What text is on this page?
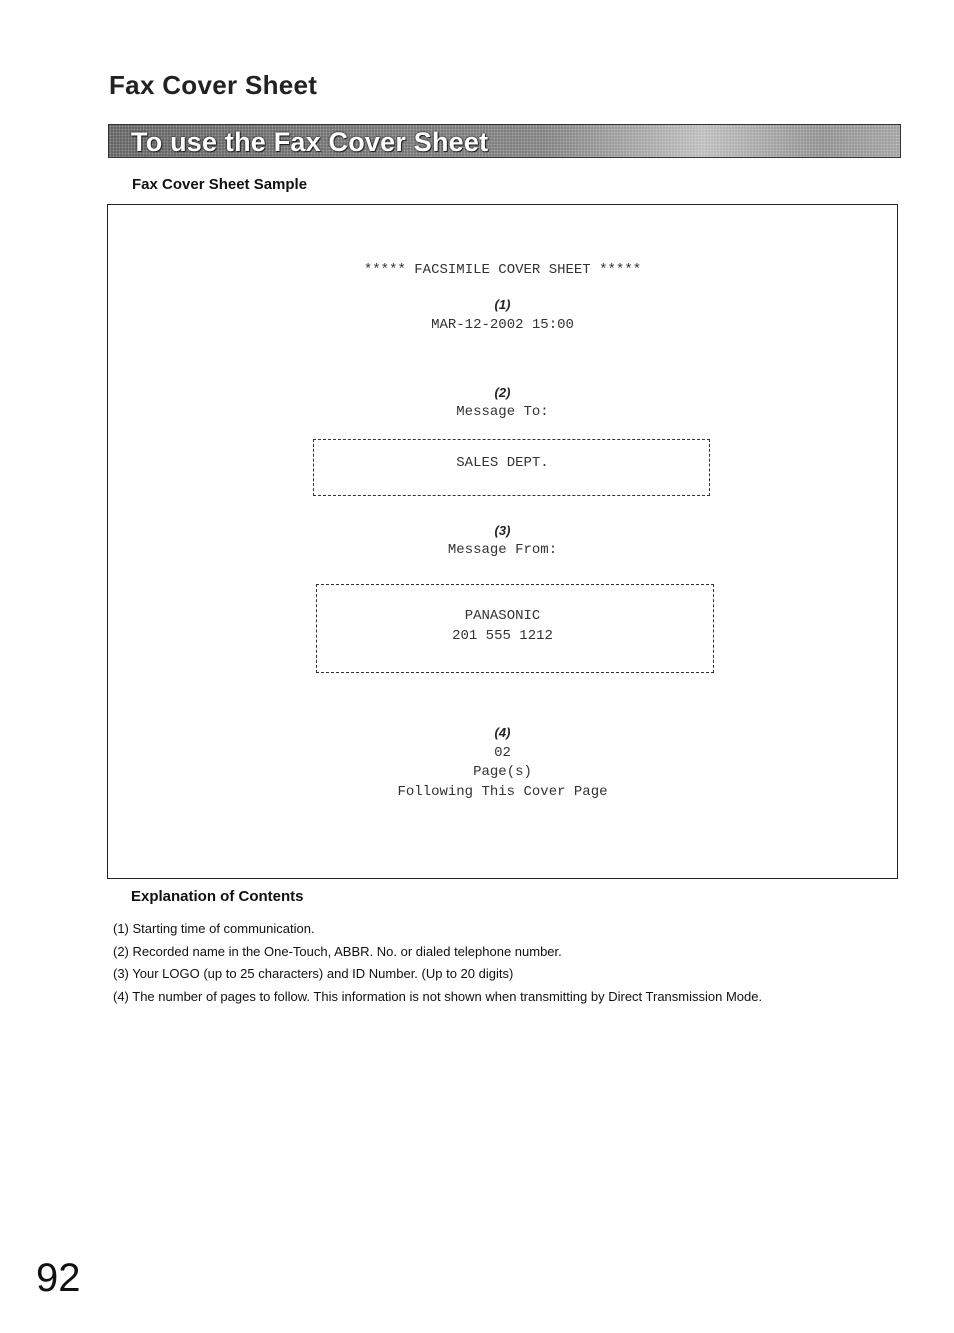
Fax Cover Sheet
To use the Fax Cover Sheet
Fax Cover Sheet Sample
***** FACSIMILE COVER SHEET *****
(1)
MAR-12-2002 15:00
(2)
Message To:
SALES DEPT.
(3)
Message From:
PANASONIC
201 555 1212
(4)
02
Page(s)
Following This Cover Page
Explanation of Contents
(1) Starting time of communication.
(2) Recorded name in the One-Touch, ABBR. No. or dialed telephone number.
(3) Your LOGO (up to 25 characters) and ID Number. (Up to 20 digits)
(4) The number of pages to follow. This information is not shown when transmitting by Direct Transmission Mode.
92
